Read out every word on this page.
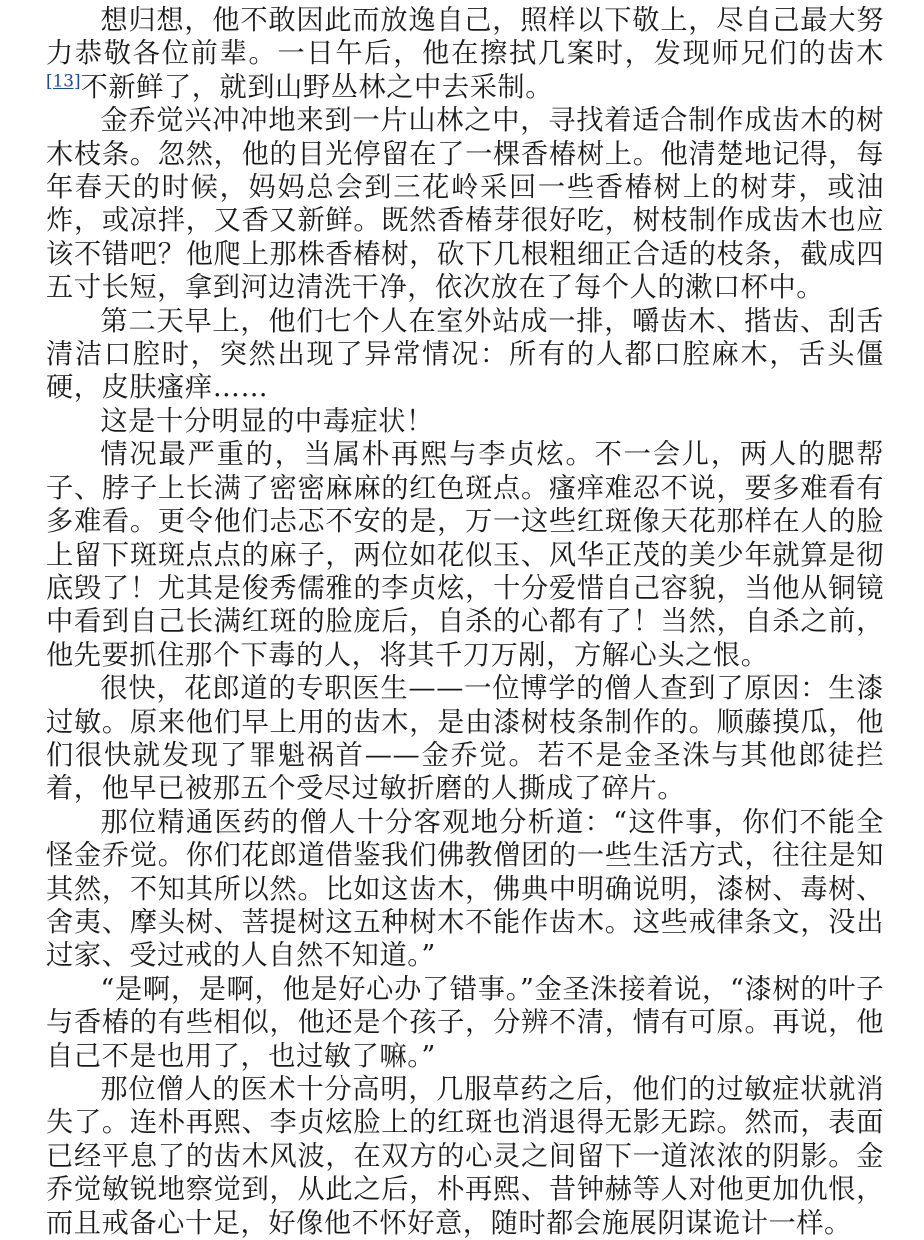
想归想，他不敢因此而放逸自己，照样以下敬上，尽自己最大努力恭敬各位前辈。一日午后，他在擦拭几案时，发现师兄们的齿木[13]不新鲜了，就到山野丛林之中去采制。

金乔觉兴冲冲地来到一片山林之中，寻找着适合制作成齿木的树木枝条。忽然，他的目光停留在了一棵香椿树上。他清楚地记得，每年春天的时候，妈妈总会到三花岭采回一些香椿树上的树芽，或油炸，或凉拌，又香又新鲜。既然香椿芽很好吃，树枝制作成齿木也应该不错吧？他爬上那株香椿树，砍下几根粗细正合适的枝条，截成四五寸长短，拿到河边清洗干净，依次放在了每个人的漱口杯中。

第二天早上，他们七个人在室外站成一排，嚼齿木、揩齿、刮舌清洁口腔时，突然出现了异常情况：所有的人都口腔麻木，舌头僵硬，皮肤瘙痒……

这是十分明显的中毒症状！

情况最严重的，当属朴再熙与李贞炫。不一会儿，两人的腮帮子、脖子上长满了密密麻麻的红色斑点。瘙痒难忍不说，要多难看有多难看。更令他们忐忑不安的是，万一这些红斑像天花那样在人的脸上留下斑斑点点的麻子，两位如花似玉、风华正茂的美少年就算是彻底毁了！尤其是俊秀儒雅的李贞炫，十分爱惜自己容貌，当他从铜镜中看到自己长满红斑的脸庞后，自杀的心都有了！当然，自杀之前，他先要抓住那个下毒的人，将其千刀万剐，方解心头之恨。

很快，花郎道的专职医生——一位博学的僧人查到了原因：生漆过敏。原来他们早上用的齿木，是由漆树枝条制作的。顺藤摸瓜，他们很快就发现了罪魁祸首——金乔觉。若不是金圣洙与其他郎徒拦着，他早已被那五个受尽过敏折磨的人撕成了碎片。

那位精通医药的僧人十分客观地分析道：“这件事，你们不能全怪金乔觉。你们花郎道借鉴我们佛教僧团的一些生活方式，往往是知其然，不知其所以然。比如这齿木，佛典中明确说明，漆树、毒树、舍夷、摩头树、菩提树这五种树木不能作齿木。这些戒律条文，没出过家、受过戒的人自然不知道。”

“是啊，是啊，他是好心办了错事。”金圣洙接着说，“漆树的叶子与香椿的有些相似，他还是个孩子，分辨不清，情有可原。再说，他自己不是也用了，也过敏了嘛。”

那位僧人的医术十分高明，几服草药之后，他们的过敏症状就消失了。连朴再熙、李贞炫脸上的红斑也消退得无影无踪。然而，表面已经平息了的齿木风波，在双方的心灵之间留下一道浓浓的阴影。金乔觉敏锐地察觉到，从此之后，朴再熙、昔钟赫等人对他更加仇恨，而且戒备心十足，好像他不怀好意，随时都会施展阴谋诡计一样。
